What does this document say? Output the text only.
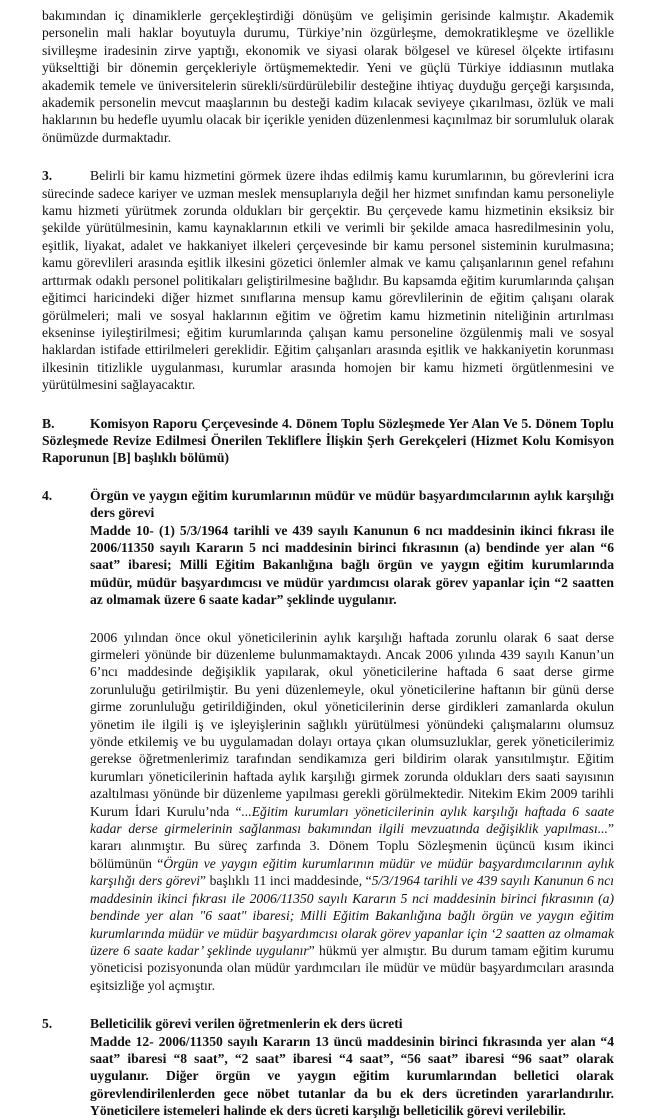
bakımından iç dinamiklerle gerçekleştirdiği dönüşüm ve gelişimin gerisinde kalmıştır. Akademik personelin mali haklar boyutuyla durumu, Türkiye’nin özgürleşme, demokratikleşme ve özellikle sivilleşme iradesinin zirve yaptığı, ekonomik ve siyasi olarak bölgesel ve küresel ölçekte irtifasını yükselttiği bir dönemin gerçekleriyle örtüşmemektedir. Yeni ve güçlü Türkiye iddiasının mutlaka akademik temele ve üniversitelerin sürekli/sürdürülebilir desteğine ihtiyaç duyduğu gerçeği karşısında, akademik personelin mevcut maaşlarının bu desteği kadim kılacak seviyeye çıkarılması, özlük ve mali haklarının bu hedefle uyumlu olacak bir içerikle yeniden düzenlenmesi kaçınılmaz bir sorumluluk olarak önümüzde durmaktadır.

3.	Belirli bir kamu hizmetini görmek üzere ihdas edilmiş kamu kurumlarının, bu görevlerini icra sürecinde sadece kariyer ve uzman meslek mensuplarıyla değil her hizmet sınıfından kamu personeliyle kamu hizmeti yürütmek zorunda oldukları bir gerçektir. Bu çerçevede kamu hizmetinin eksiksiz bir şekilde yürütülmesinin, kamu kaynaklarının etkili ve verimli bir şekilde amaca hasredilmesinin yolu, eşitlik, liyakat, adalet ve hakkaniyet ilkeleri çerçevesinde bir kamu personel sisteminin kurulmasına; kamu görevlileri arasında eşitlik ilkesini gözetici önlemler almak ve kamu çalışanlarının genel refahını arttırmak odaklı personel politikaları geliştirilmesine bağlıdır. Bu kapsamda eğitim kurumlarında çalışan eğitimci haricindeki diğer hizmet sınıflarına mensup kamu görevlilerinin de eğitim çalışanı olarak görülmeleri; mali ve sosyal haklarının eğitim ve öğretim kamu hizmetinin niteliğinin artırılması ekseninse iyileştirilmesi; eğitim kurumlarında çalışan kamu personeline özgülenmiş mali ve sosyal haklardan istifade ettirilmeleri gereklidir. Eğitim çalışanları arasında eşitlik ve hakkaniyetin korunması ilkesinin titizlikle uygulanması, kurumlar arasında homojen bir kamu hizmeti örgütlenmesini ve yürütülmesini sağlayacaktır.

B.	Komisyon Raporu Çerçevesinde 4. Dönem Toplu Sözleşmede Yer Alan Ve 5. Dönem Toplu Sözleşmede Revize Edilmesi Önerilen Tekliflere İlişkin Şerh Gerekçeleri (Hizmet Kolu Komisyon Raporunun [B] başlıklı bölümü)

4.	Örgün ve yaygın eğitim kurumlarının müdür ve müdür başyardımcılarının aylık karşılığı ders görevi

Madde 10- (1) 5/3/1964 tarihli ve 439 sayılı Kanunun 6 ncı maddesinin ikinci fıkrası ile 2006/11350 sayılı Kararın 5 nci maddesinin birinci fıkrasının (a) bendinde yer alan “6 saat” ibaresi; Milli Eğitim Bakanlığına bağlı örgün ve yaygın eğitim kurumlarında müdür, müdür başyardımcısı ve müdür yardımcısı olarak görev yapanlar için “2 saatten az olmamak üzere 6 saate kadar” şeklinde uygulanır.

2006 yılından önce okul yöneticilerinin aylık karşılığı haftada zorunlu olarak 6 saat derse girmeleri yönünde bir düzenleme bulunmamaktaydı. Ancak 2006 yılında 439 sayılı Kanun’un 6’ncı maddesinde değişiklik yapılarak, okul yöneticilerine haftada 6 saat derse girme zorunluluğu getirilmiştir. Bu yeni düzenlemeyle, okul yöneticilerine haftanın bir günü derse girme zorunluluğu getirildiğinden, okul yöneticilerinin derse girdikleri zamanlarda okulun yönetim ile ilgili iş ve işleyişlerinin sağlıklı yürütülmesi yönündeki çalışmalarını olumsuz yönde etkilemiş ve bu uygulamadan dolayı ortaya çıkan olumsuzluklar, gerek yöneticilerimiz gerekse öğretmenlerimiz tarafından sendikamıza geri bildirim olarak yansıtılmıştır. Eğitim kurumları yöneticilerinin haftada aylık karşılığı girmek zorunda oldukları ders saati sayısının azaltılması yönünde bir düzenleme yapılması gerekli görülmektedir. Nitekim Ekim 2009 tarihli Kurum İdari Kurulu’nda “...Eğitim kurumları yöneticilerinin aylık karşılığı haftada 6 saate kadar derse girmelerinin sağlanması bakımından ilgili mevzuatında değişiklik yapılması...” kararı alınmıştır. Bu süreç zarfında 3. Dönem Toplu Sözleşmenin üçüncü kısım ikinci bölümünün “Örgün ve yaygın eğitim kurumlarının müdür ve müdür başyardımcılarının aylık karşılığı ders görevi” başlıklı 11 inci maddesinde, “5/3/1964 tarihli ve 439 sayılı Kanunun 6 ncı maddesinin ikinci fıkrası ile 2006/11350 sayılı Kararın 5 nci maddesinin birinci fıkrasının (a) bendinde yer alan "6 saat" ibaresi; Milli Eğitim Bakanlığına bağlı örgün ve yaygın eğitim kurumlarında müdür ve müdür başyardımcısı olarak görev yapanlar için ‘2 saatten az olmamak üzere 6 saate kadar’ şeklinde uygulanır” hükmü yer almıştır. Bu durum tamam eğitim kurumu yöneticisi pozisyonunda olan müdür yardımcıları ile müdür ve müdür başyardımcıları arasında eşitsizliğe yol açmıştır.

5.	Belleticilik görevi verilen öğretmenlerin ek ders ücreti

Madde 12- 2006/11350 sayılı Kararın 13 üncü maddesinin birinci fıkrasında yer alan “4 saat” ibaresi “8 saat”, “2 saat” ibaresi “4 saat”, “56 saat” ibaresi “96 saat” olarak uygulanır. Diğer örgün ve yaygın eğitim kurumlarından belletici olarak görevlendirilenlerden gece nöbet tutanlar da bu ek ders ücretinden yararlandırılır. Yöneticilere istemeleri halinde ek ders ücreti karşılığı belleticilik görevi verilebilir.
